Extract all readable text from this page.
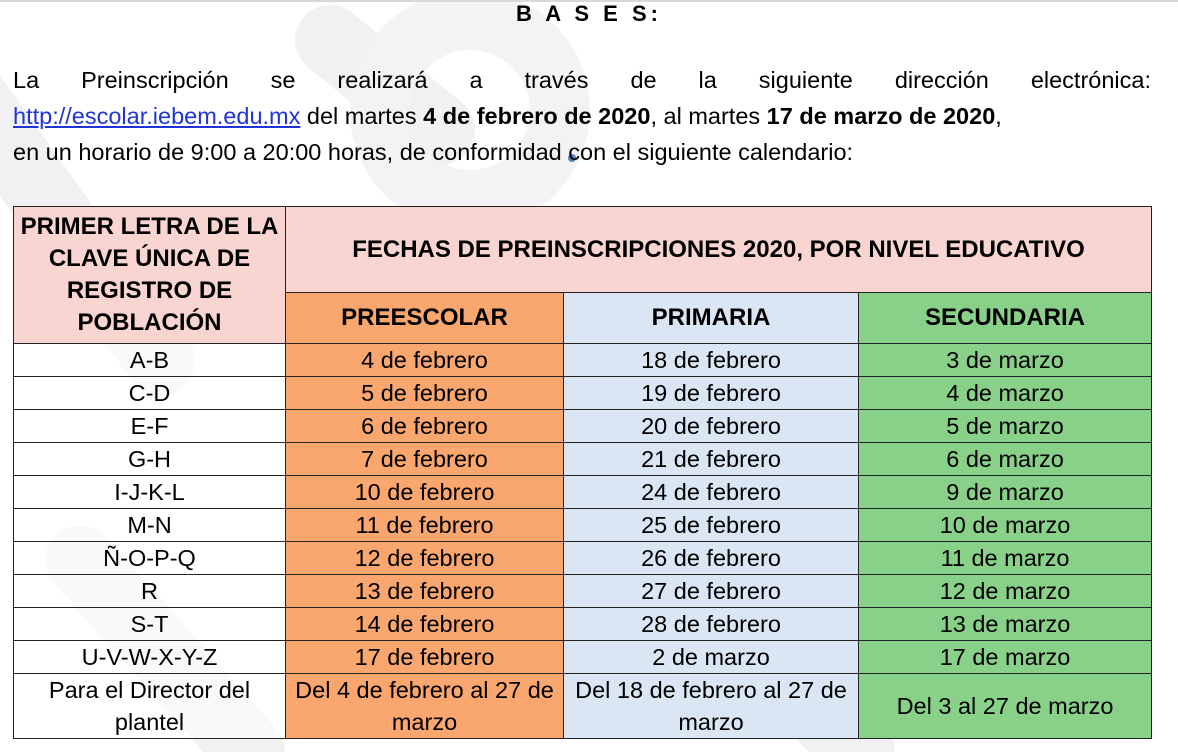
B A S E S:
La Preinscripción se realizará a través de la siguiente dirección electrónica:
http://escolar.iebem.edu.mx del martes 4 de febrero de 2020, al martes 17 de marzo de 2020,
en un horario de 9:00 a 20:00 horas, de conformidad con el siguiente calendario:
PRIMER LETRA DE LA CLAVE ÚNICA DE REGISTRO DE POBLACIÓN	FECHAS DE PREINSCRIPCIONES 2020, POR NIVEL EDUCATIVO		
	PREESCOLAR	PRIMARIA	SECUNDARIA
A-B	4 de febrero	18 de febrero	3 de marzo
C-D	5 de febrero	19 de febrero	4 de marzo
E-F	6 de febrero	20 de febrero	5 de marzo
G-H	7 de febrero	21 de febrero	6 de marzo
I-J-K-L	10 de febrero	24 de febrero	9 de marzo
M-N	11 de febrero	25 de febrero	10 de marzo
Ñ-O-P-Q	12 de febrero	26 de febrero	11 de marzo
R	13 de febrero	27 de febrero	12 de marzo
S-T	14 de febrero	28 de febrero	13 de marzo
U-V-W-X-Y-Z	17 de febrero	2 de marzo	17 de marzo
Para el Director del plantel	Del 4 de febrero al 27 de marzo	Del 18 de febrero al 27 de marzo	Del 3 al 27 de marzo
